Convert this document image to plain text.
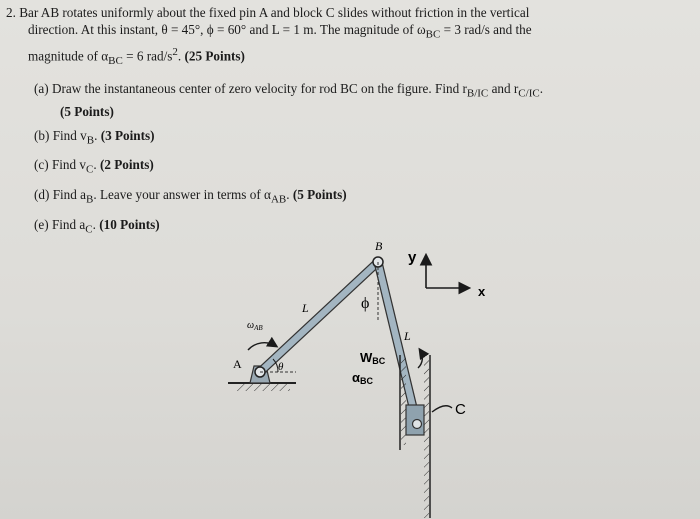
2. Bar AB rotates uniformly about the fixed pin A and block C slides without friction in the vertical

direction. At this instant, θ = 45°, ϕ = 60° and L = 1 m. The magnitude of $\omega_{BC} = 3$ rad/s and the

magnitude of $\alpha_{BC} = 6$ rad/$s^2$. (25 Points)

(a) Draw the instantaneous center of zero velocity for rod BC on the figure. Find $r_{B/IC}$ and $r_{C/IC}$.
(5 Points)
(b) Find $v_B$. (3 Points)
(c) Find $v_C$. (2 Points)
(d) Find $a_B$. Leave your answer in terms of $\alpha_{AB}$. (5 Points)
(e) Find $a_C$. (10 Points)
A
B
L
L
θ
ϕ
$\omega_{AB}$
WBC
αBC
y
x
C
